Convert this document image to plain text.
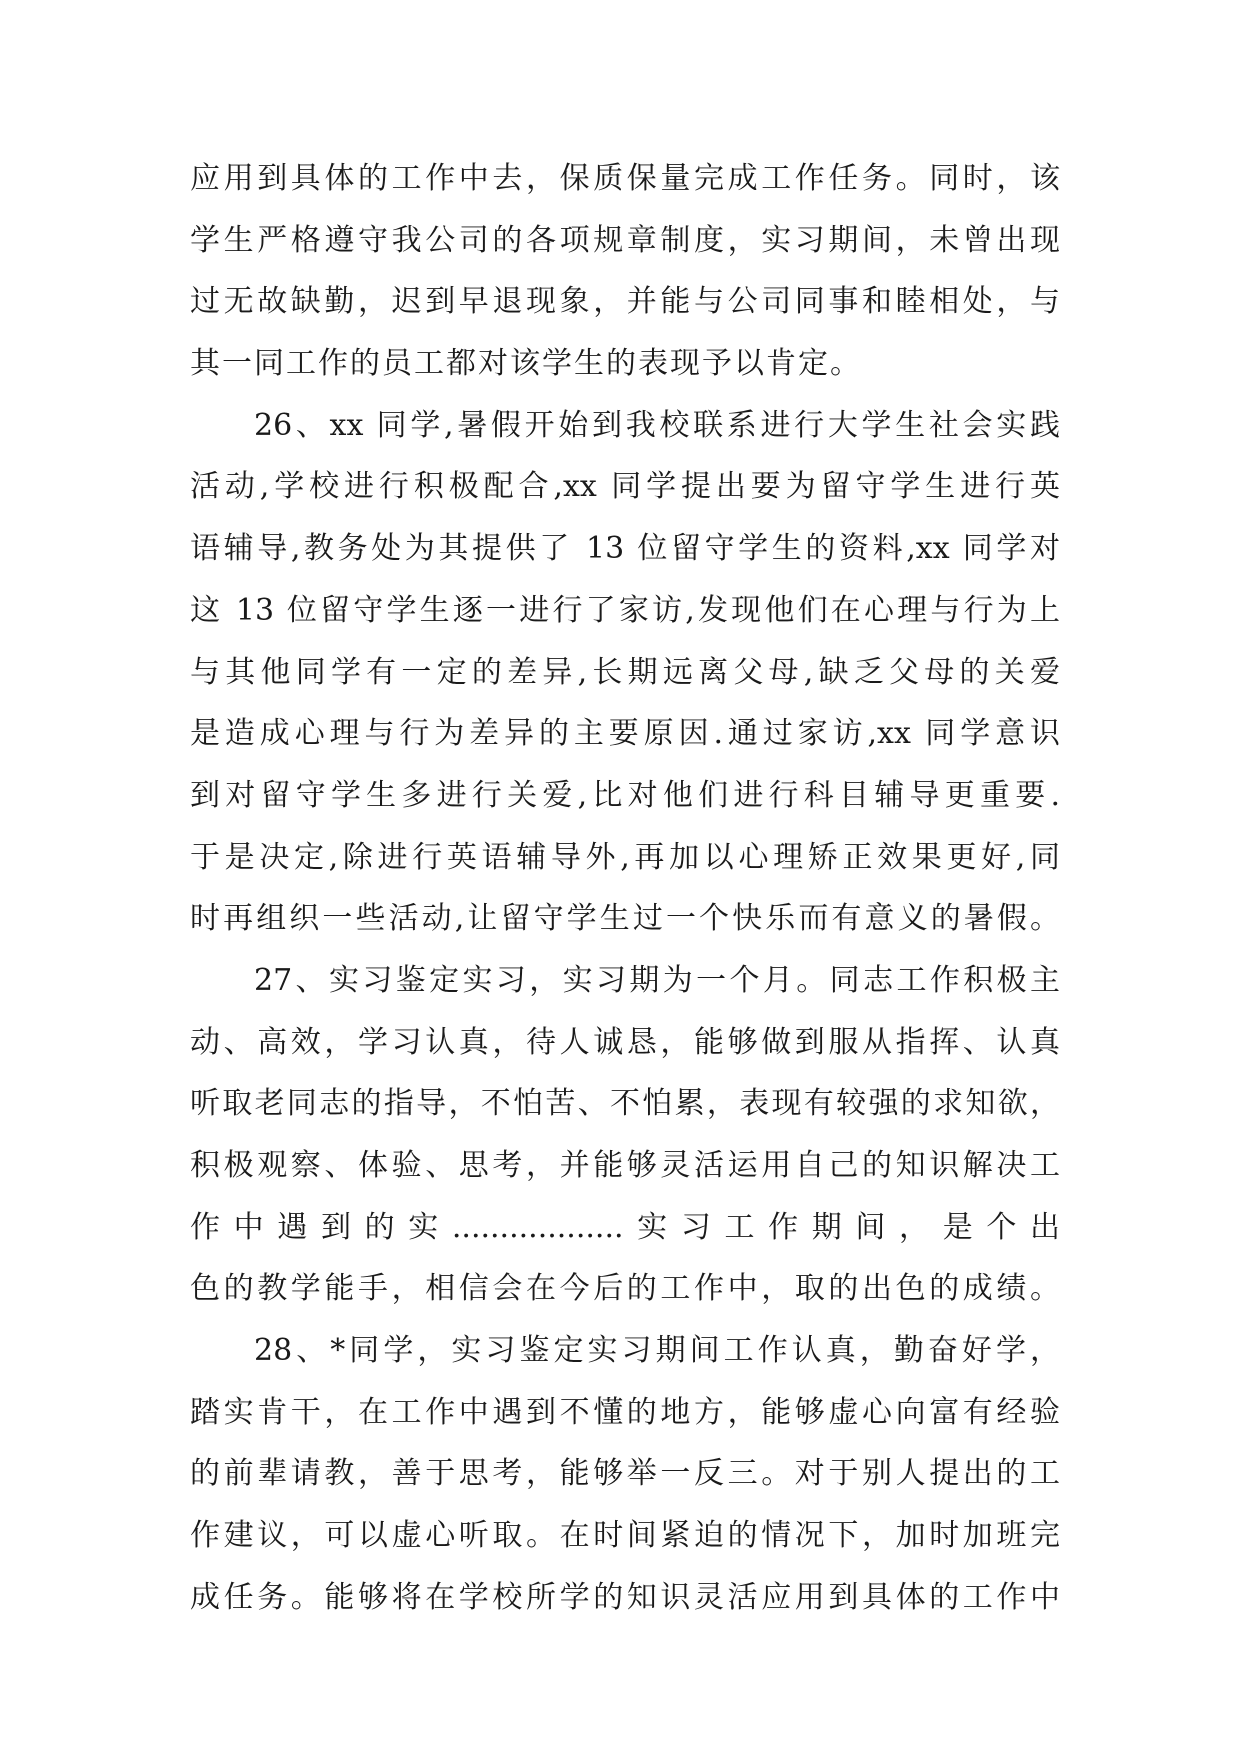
应用到具体的工作中去，保质保量完成工作任务。同时，该
学生严格遵守我公司的各项规章制度，实习期间，未曾出现
过无故缺勤，迟到早退现象，并能与公司同事和睦相处，与
其一同工作的员工都对该学生的表现予以肯定。
26、xx 同学,暑假开始到我校联系进行大学生社会实践
活动,学校进行积极配合,xx 同学提出要为留守学生进行英
语辅导,教务处为其提供了 13 位留守学生的资料,xx 同学对
这 13 位留守学生逐一进行了家访,发现他们在心理与行为上
与其他同学有一定的差异,长期远离父母,缺乏父母的关爱
是造成心理与行为差异的主要原因.通过家访,xx 同学意识
到对留守学生多进行关爱,比对他们进行科目辅导更重要.
于是决定,除进行英语辅导外,再加以心理矫正效果更好,同
时再组织一些活动,让留守学生过一个快乐而有意义的暑假。
27、实习鉴定实习，实习期为一个月。同志工作积极主
动、高效，学习认真，待人诚恳，能够做到服从指挥、认真
听取老同志的指导，不怕苦、不怕累，表现有较强的求知欲，
积极观察、体验、思考，并能够灵活运用自己的知识解决工
作中遇到的实..................实习工作期间，是个出
色的教学能手，相信会在今后的工作中，取的出色的成绩。
28、*同学，实习鉴定实习期间工作认真，勤奋好学，
踏实肯干，在工作中遇到不懂的地方，能够虚心向富有经验
的前辈请教，善于思考，能够举一反三。对于别人提出的工
作建议，可以虚心听取。在时间紧迫的情况下，加时加班完
成任务。能够将在学校所学的知识灵活应用到具体的工作中
